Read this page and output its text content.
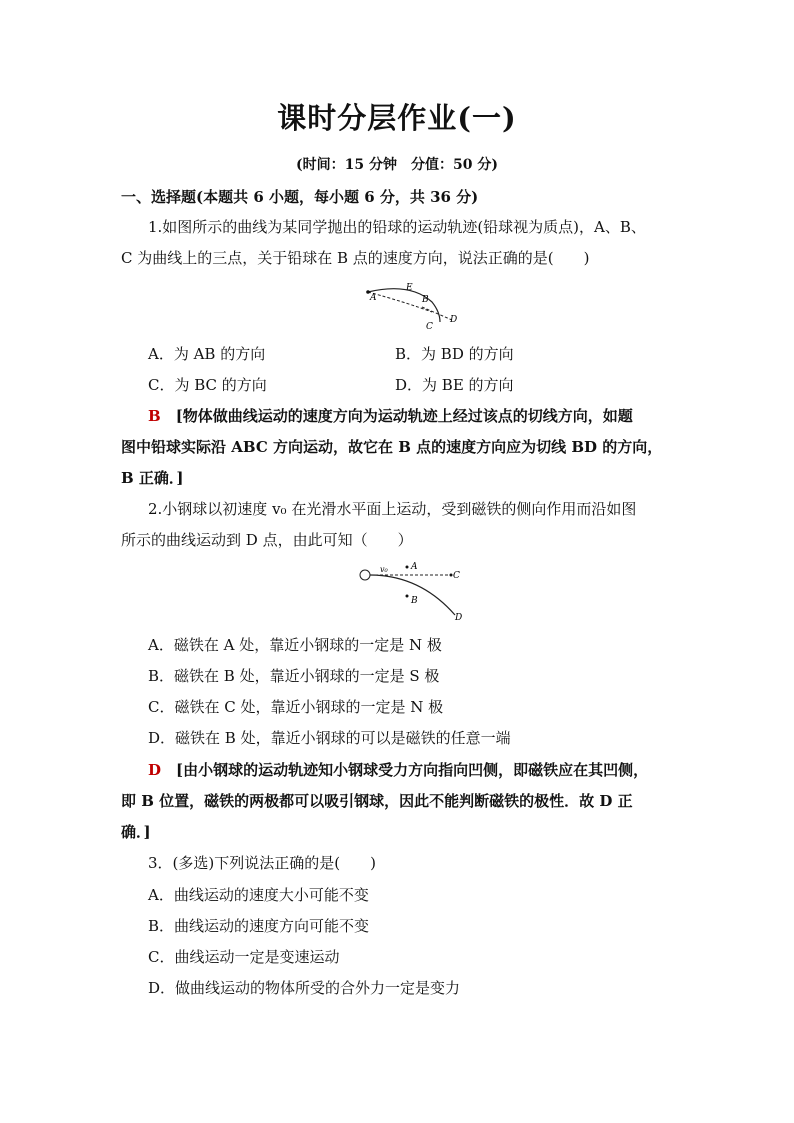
课时分层作业(一)
(时间：15 分钟　分值：50 分)
一、选择题(本题共 6 小题，每小题 6 分，共 36 分)
1.如图所示的曲线为某同学抛出的铅球的运动轨迹(铅球视为质点)，A、B、
C 为曲线上的三点，关于铅球在 B 点的速度方向，说法正确的是(　　)
A
E
B
C
D
A．为 AB 的方向	B．为 BD 的方向
C．为 BC 的方向	D．为 BE 的方向
B　 [物体做曲线运动的速度方向为运动轨迹上经过该点的切线方向，如题
图中铅球实际沿 ABC 方向运动，故它在 B 点的速度方向应为切线 BD 的方向，
B 正确．]
2.小钢球以初速度 v₀ 在光滑水平面上运动，受到磁铁的侧向作用而沿如图
所示的曲线运动到 D 点，由此可知（　　）
v₀	A
C
B
D
A．磁铁在 A 处，靠近小钢球的一定是 N 极
B．磁铁在 B 处，靠近小钢球的一定是 S 极
C．磁铁在 C 处，靠近小钢球的一定是 N 极
D．磁铁在 B 处，靠近小钢球的可以是磁铁的任意一端
D　 [由小钢球的运动轨迹知小钢球受力方向指向凹侧，即磁铁应在其凹侧，
即 B 位置，磁铁的两极都可以吸引钢球，因此不能判断磁铁的极性．故 D 正
确．]
3．(多选)下列说法正确的是(　　)
A．曲线运动的速度大小可能不变
B．曲线运动的速度方向可能不变
C．曲线运动一定是变速运动
D．做曲线运动的物体所受的合外力一定是变力
